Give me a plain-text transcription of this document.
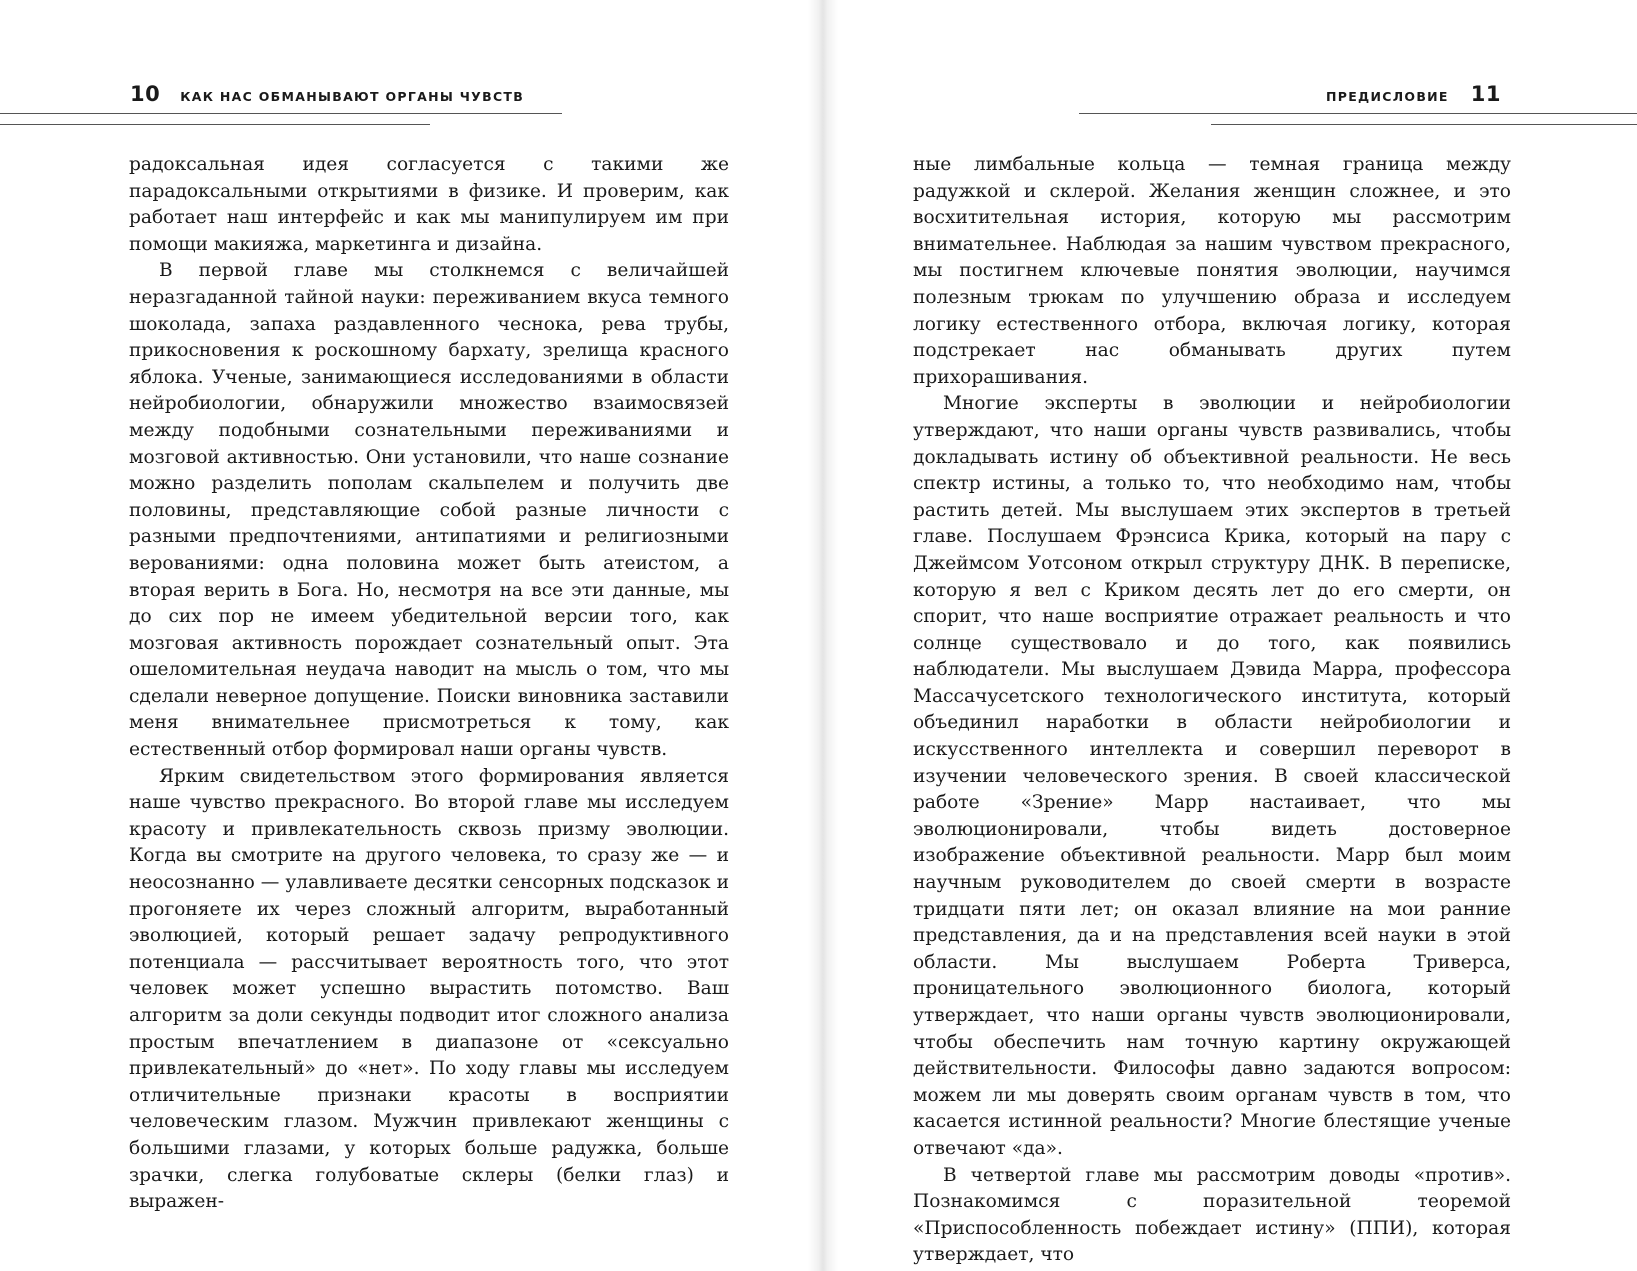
10 КАК НАС ОБМАНЫВАЮТ ОРГАНЫ ЧУВСТВ

радоксальная идея согласуется с такими же парадоксальными открытиями в физике. И проверим, как работает наш интерфейс и как мы манипулируем им при помощи макияжа, маркетинга и дизайна.

В первой главе мы столкнемся с величайшей неразгаданной тайной науки: переживанием вкуса темного шоколада, запаха раздавленного чеснока, рева трубы, прикосновения к роскошному бархату, зрелища красного яблока. Ученые, занимающиеся исследованиями в области нейробиологии, обнаружили множество взаимосвязей между подобными сознательными переживаниями и мозговой активностью. Они установили, что наше сознание можно разделить пополам скальпелем и получить две половины, представляющие собой разные личности с разными предпочтениями, антипатиями и религиозными верованиями: одна половина может быть атеистом, а вторая верить в Бога. Но, несмотря на все эти данные, мы до сих пор не имеем убедительной версии того, как мозговая активность порождает сознательный опыт. Эта ошеломительная неудача наводит на мысль о том, что мы сделали неверное допущение. Поиски виновника заставили меня внимательнее присмотреться к тому, как естественный отбор формировал наши органы чувств.

Ярким свидетельством этого формирования является наше чувство прекрасного. Во второй главе мы исследуем красоту и привлекательность сквозь призму эволюции. Когда вы смотрите на другого человека, то сразу же — и неосознанно — улавливаете десятки сенсорных подсказок и прогоняете их через сложный алгоритм, выработанный эволюцией, который решает задачу репродуктивного потенциала — рассчитывает вероятность того, что этот человек может успешно вырастить потомство. Ваш алгоритм за доли секунды подводит итог сложного анализа простым впечатлением в диапазоне от «сексуально привлекательный» до «нет». По ходу главы мы исследуем отличительные признаки красоты в восприятии человеческим глазом. Мужчин привлекают женщины с большими глазами, у которых больше радужка, больше зрачки, слегка голубоватые склеры (белки глаз) и выражен-

ПРЕДИСЛОВИЕ 11

ные лимбальные кольца — темная граница между радужкой и склерой. Желания женщин сложнее, и это восхитительная история, которую мы рассмотрим внимательнее. Наблюдая за нашим чувством прекрасного, мы постигнем ключевые понятия эволюции, научимся полезным трюкам по улучшению образа и исследуем логику естественного отбора, включая логику, которая подстрекает нас обманывать других путем прихорашивания.

Многие эксперты в эволюции и нейробиологии утверждают, что наши органы чувств развивались, чтобы докладывать истину об объективной реальности. Не весь спектр истины, а только то, что необходимо нам, чтобы растить детей. Мы выслушаем этих экспертов в третьей главе. Послушаем Фрэнсиса Крика, который на пару с Джеймсом Уотсоном открыл структуру ДНК. В переписке, которую я вел с Криком десять лет до его смерти, он спорит, что наше восприятие отражает реальность и что солнце существовало и до того, как появились наблюдатели. Мы выслушаем Дэвида Марра, профессора Массачусетского технологического института, который объединил наработки в области нейробиологии и искусственного интеллекта и совершил переворот в изучении человеческого зрения. В своей классической работе «Зрение» Марр настаивает, что мы эволюционировали, чтобы видеть достоверное изображение объективной реальности. Марр был моим научным руководителем до своей смерти в возрасте тридцати пяти лет; он оказал влияние на мои ранние представления, да и на представления всей науки в этой области. Мы выслушаем Роберта Триверса, проницательного эволюционного биолога, который утверждает, что наши органы чувств эволюционировали, чтобы обеспечить нам точную картину окружающей действительности. Философы давно задаются вопросом: можем ли мы доверять своим органам чувств в том, что касается истинной реальности? Многие блестящие ученые отвечают «да».

В четвертой главе мы рассмотрим доводы «против». Познакомимся с поразительной теоремой «Приспособленность побеждает истину» (ППИ), которая утверждает, что
